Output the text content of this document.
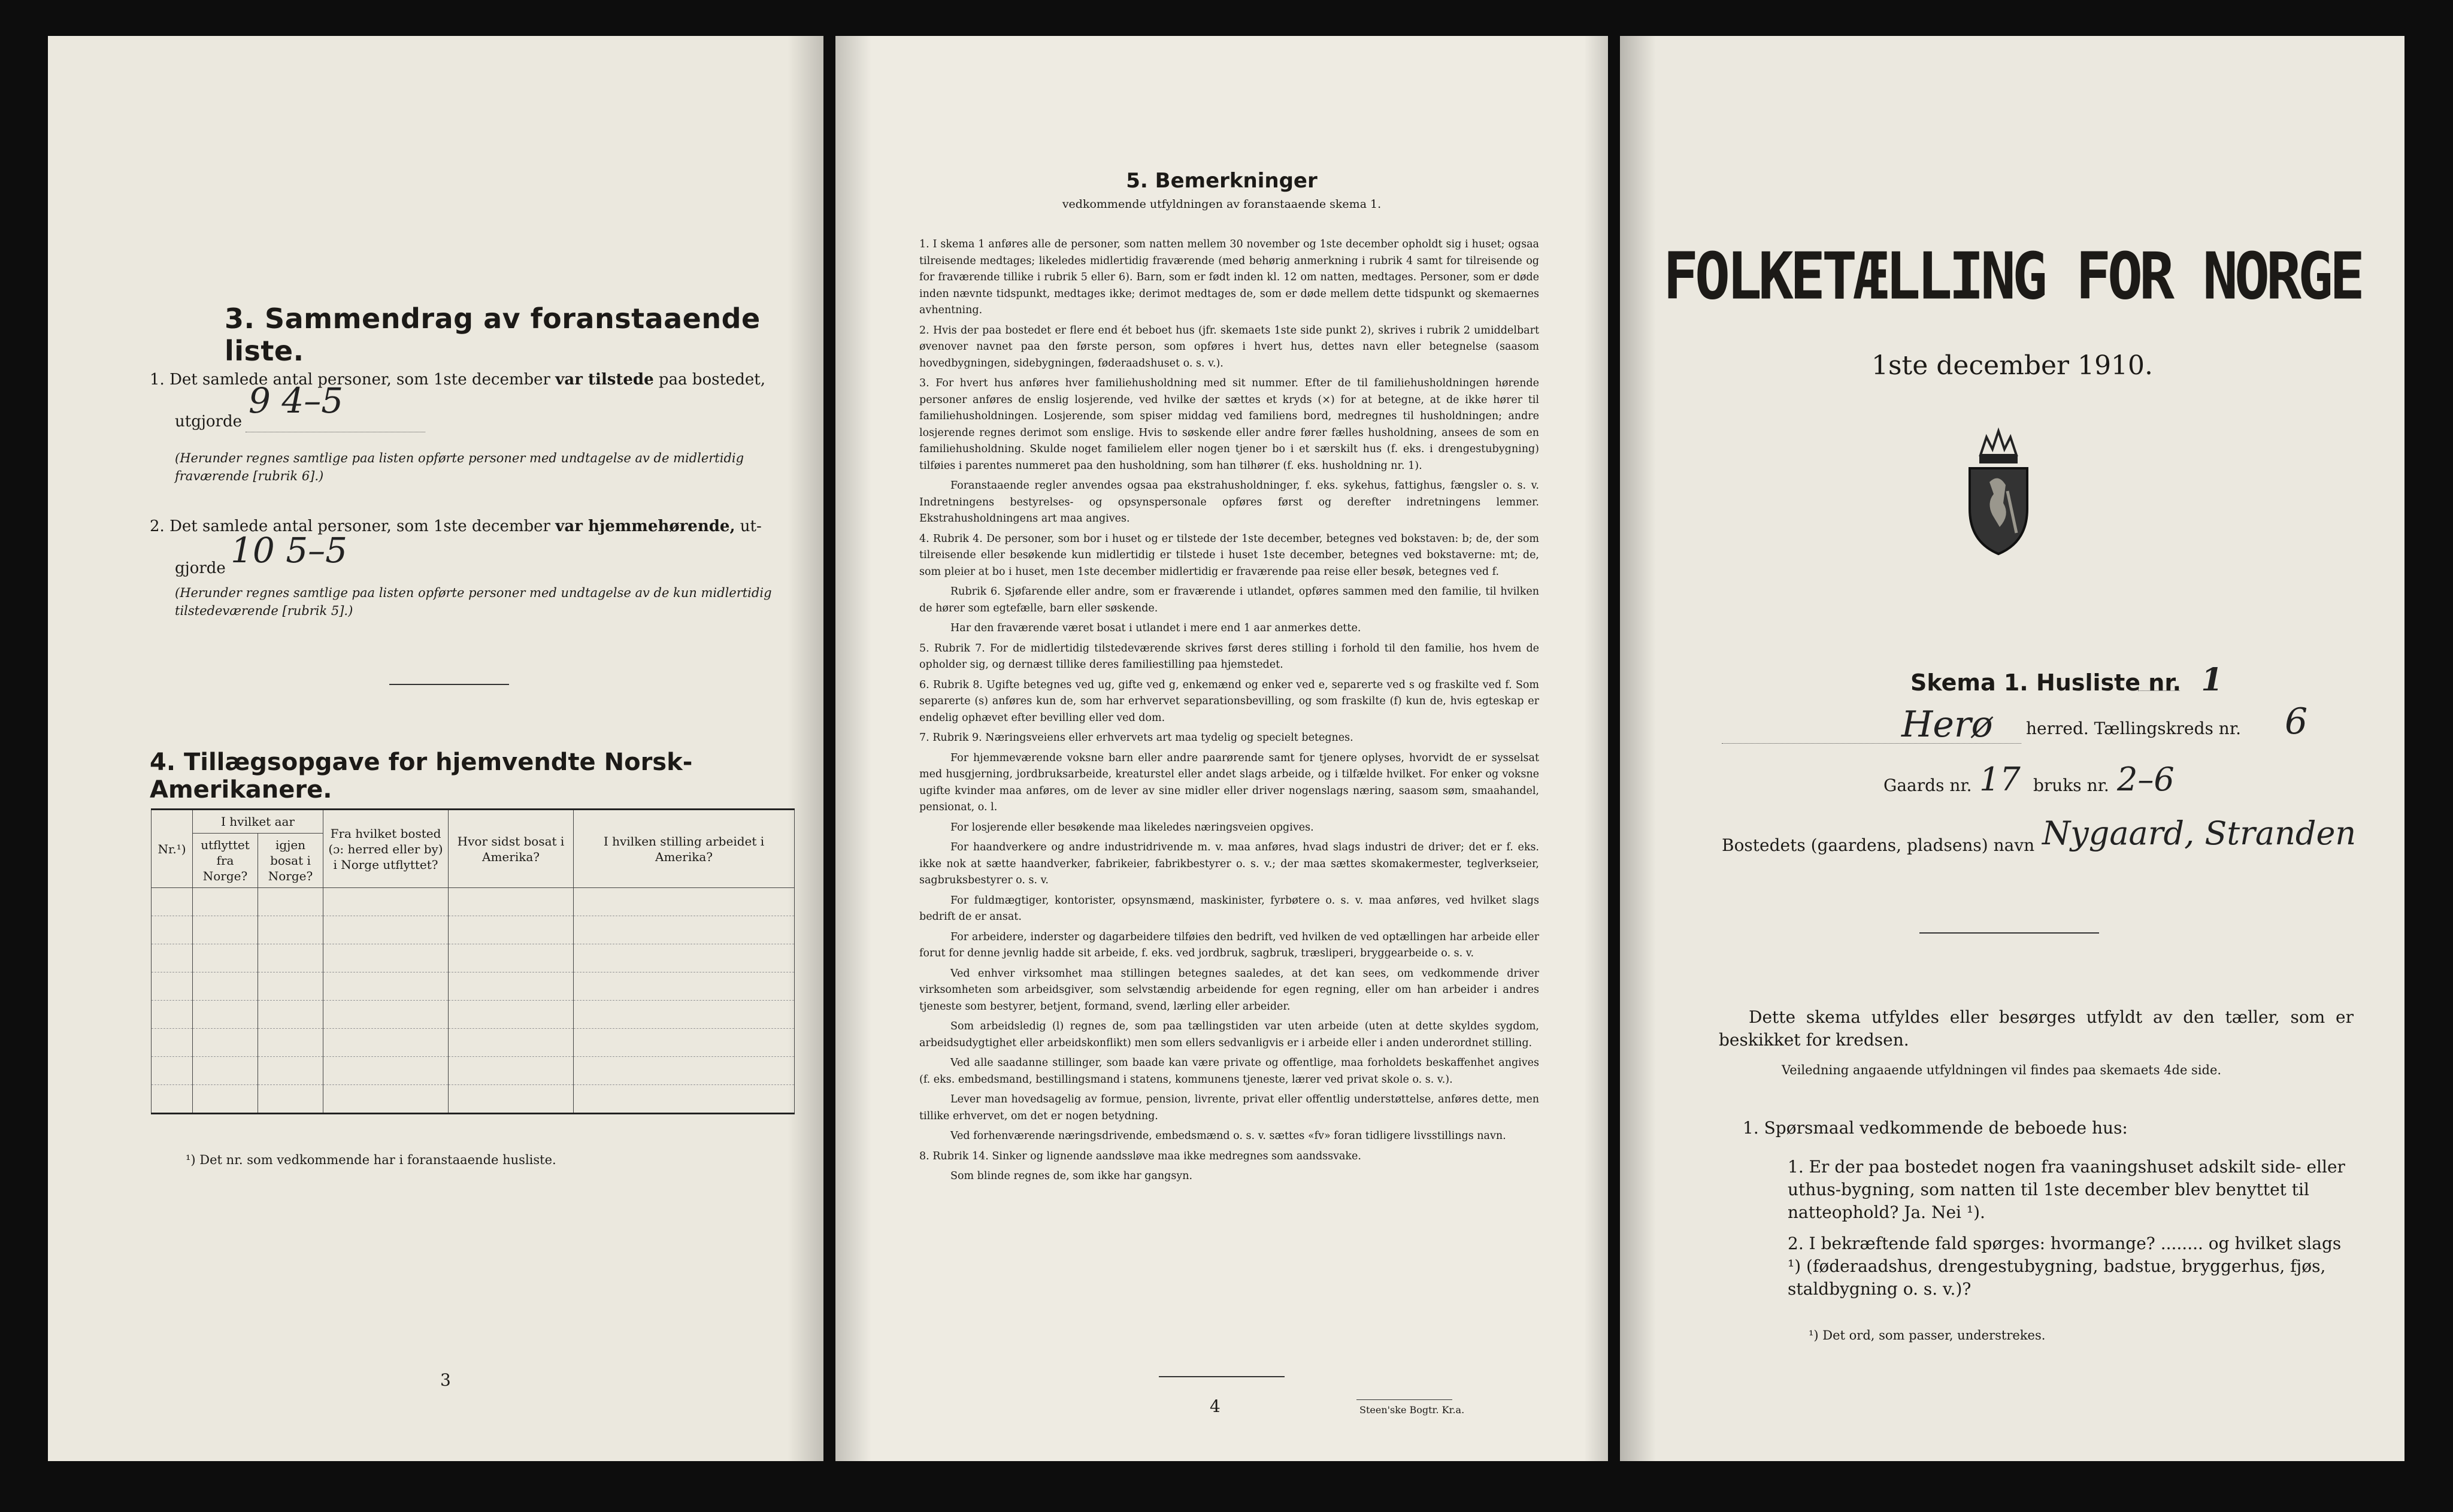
3. Sammendrag av foranstaaende liste.
1. Det samlede antal personer, som 1ste december var tilstede paa bostedet,
utgjorde
9 4–5
(Herunder regnes samtlige paa listen opførte personer med undtagelse av de midlertidig fraværende [rubrik 6].)
2. Det samlede antal personer, som 1ste december var hjemmehørende, ut-
gjorde 10 5–5
(Herunder regnes samtlige paa listen opførte personer med undtagelse av de kun midlertidig tilstedeværende [rubrik 5].)
4. Tillægsopgave for hjemvendte Norsk-Amerikanere.
Nr.¹)	I hvilket aar		Fra hvilket bosted (ɔ: herred eller by) i Norge utflyttet?	Hvor sidst bosat i Amerika?	I hvilken stilling arbeidet i Amerika?
	utflyttet fra Norge?	igjen bosat i Norge?			

¹) Det nr. som vedkommende har i foranstaaende husliste.
3
5. Bemerkninger
vedkommende utfyldningen av foranstaaende skema 1.

1. I skema 1 anføres alle de personer, som natten mellem 30 november og 1ste december opholdt sig i huset; ogsaa tilreisende medtages; likeledes midlertidig fraværende (med behørig anmerkning i rubrik 4 samt for tilreisende og for fraværende tillike i rubrik 5 eller 6). Barn, som er født inden kl. 12 om natten, medtages. Personer, som er døde inden nævnte tidspunkt, medtages ikke; derimot medtages de, som er døde mellem dette tidspunkt og skemaernes avhentning.

2. Hvis der paa bostedet er flere end ét beboet hus (jfr. skemaets 1ste side punkt 2), skrives i rubrik 2 umiddelbart øvenover navnet paa den første person, som opføres i hvert hus, dettes navn eller betegnelse (saasom hovedbygningen, sidebygningen, føderaadshuset o. s. v.).

3. For hvert hus anføres hver familiehusholdning med sit nummer. Efter de til familiehusholdningen hørende personer anføres de enslig losjerende, ved hvilke der sættes et kryds (×) for at betegne, at de ikke hører til familiehusholdningen. Losjerende, som spiser middag ved familiens bord, medregnes til husholdningen; andre losjerende regnes derimot som enslige. Hvis to søskende eller andre fører fælles husholdning, ansees de som en familiehusholdning. Skulde noget familielem eller nogen tjener bo i et særskilt hus (f. eks. i drengestubygning) tilføies i parentes nummeret paa den husholdning, som han tilhører (f. eks. husholdning nr. 1).

Foranstaaende regler anvendes ogsaa paa ekstrahusholdninger, f. eks. sykehus, fattighus, fængsler o. s. v. Indretningens bestyrelses- og opsynspersonale opføres først og derefter indretningens lemmer. Ekstrahusholdningens art maa angives.

4. Rubrik 4. De personer, som bor i huset og er tilstede der 1ste december, betegnes ved bokstaven: b; de, der som tilreisende eller besøkende kun midlertidig er tilstede i huset 1ste december, betegnes ved bokstaverne: mt; de, som pleier at bo i huset, men 1ste december midlertidig er fraværende paa reise eller besøk, betegnes ved f.

Rubrik 6. Sjøfarende eller andre, som er fraværende i utlandet, opføres sammen med den familie, til hvilken de hører som egtefælle, barn eller søskende.

Har den fraværende været bosat i utlandet i mere end 1 aar anmerkes dette.

5. Rubrik 7. For de midlertidig tilstedeværende skrives først deres stilling i forhold til den familie, hos hvem de opholder sig, og dernæst tillike deres familiestilling paa hjemstedet.

6. Rubrik 8. Ugifte betegnes ved ug, gifte ved g, enkemænd og enker ved e, separerte ved s og fraskilte ved f. Som separerte (s) anføres kun de, som har erhvervet separationsbevilling, og som fraskilte (f) kun de, hvis egteskap er endelig ophævet efter bevilling eller ved dom.

7. Rubrik 9. Næringsveiens eller erhvervets art maa tydelig og specielt betegnes.

For hjemmeværende voksne barn eller andre paarørende samt for tjenere oplyses, hvorvidt de er sysselsat med husgjerning, jordbruksarbeide, kreaturstel eller andet slags arbeide, og i tilfælde hvilket. For enker og voksne ugifte kvinder maa anføres, om de lever av sine midler eller driver nogenslags næring, saasom søm, smaahandel, pensionat, o. l.

For losjerende eller besøkende maa likeledes næringsveien opgives.

For haandverkere og andre industridrivende m. v. maa anføres, hvad slags industri de driver; det er f. eks. ikke nok at sætte haandverker, fabrikeier, fabrikbestyrer o. s. v.; der maa sættes skomakermester, teglverkseier, sagbruksbestyrer o. s. v.

For fuldmægtiger, kontorister, opsynsmænd, maskinister, fyrbøtere o. s. v. maa anføres, ved hvilket slags bedrift de er ansat.

For arbeidere, inderster og dagarbeidere tilføies den bedrift, ved hvilken de ved optællingen har arbeide eller forut for denne jevnlig hadde sit arbeide, f. eks. ved jordbruk, sagbruk, træsliperi, bryggearbeide o. s. v.

Ved enhver virksomhet maa stillingen betegnes saaledes, at det kan sees, om vedkommende driver virksomheten som arbeidsgiver, som selvstændig arbeidende for egen regning, eller om han arbeider i andres tjeneste som bestyrer, betjent, formand, svend, lærling eller arbeider.

Som arbeidsledig (l) regnes de, som paa tællingstiden var uten arbeide (uten at dette skyldes sygdom, arbeidsudygtighet eller arbeidskonflikt) men som ellers sedvanligvis er i arbeide eller i anden underordnet stilling.

Ved alle saadanne stillinger, som baade kan være private og offentlige, maa forholdets beskaffenhet angives (f. eks. embedsmand, bestillingsmand i statens, kommunens tjeneste, lærer ved privat skole o. s. v.).

Lever man hovedsagelig av formue, pension, livrente, privat eller offentlig understøttelse, anføres dette, men tillike erhvervet, om det er nogen betydning.

Ved forhenværende næringsdrivende, embedsmænd o. s. v. sættes «fv» foran tidligere livsstillings navn.

8. Rubrik 14. Sinker og lignende aandssløve maa ikke medregnes som aandssvake.

Som blinde regnes de, som ikke har gangsyn.

4	Steen'ske Bogtr. Kr.a.
FOLKETÆLLING FOR NORGE
1ste december 1910.
Skema 1. Husliste nr. 1
Herø herred. Tællingskreds nr. 6
Gaards nr. 17 bruks nr. 2–6
Bostedets (gaardens, pladsens) navn Nygaard, Stranden
Dette skema utfyldes eller besørges utfyldt av den tæller, som er beskikket for kredsen.
Veiledning angaaende utfyldningen vil findes paa skemaets 4de side.
1. Spørsmaal vedkommende de beboede hus:
1. Er der paa bostedet nogen fra vaaningshuset adskilt side- eller uthus-bygning, som natten til 1ste december blev benyttet til natteophold? Ja. Nei ¹).
2. I bekræftende fald spørges: hvormange? ........ og hvilket slags ¹) (føderaadshus, drengestubygning, badstue, bryggerhus, fjøs, staldbygning o. s. v.)?
¹) Det ord, som passer, understrekes.
